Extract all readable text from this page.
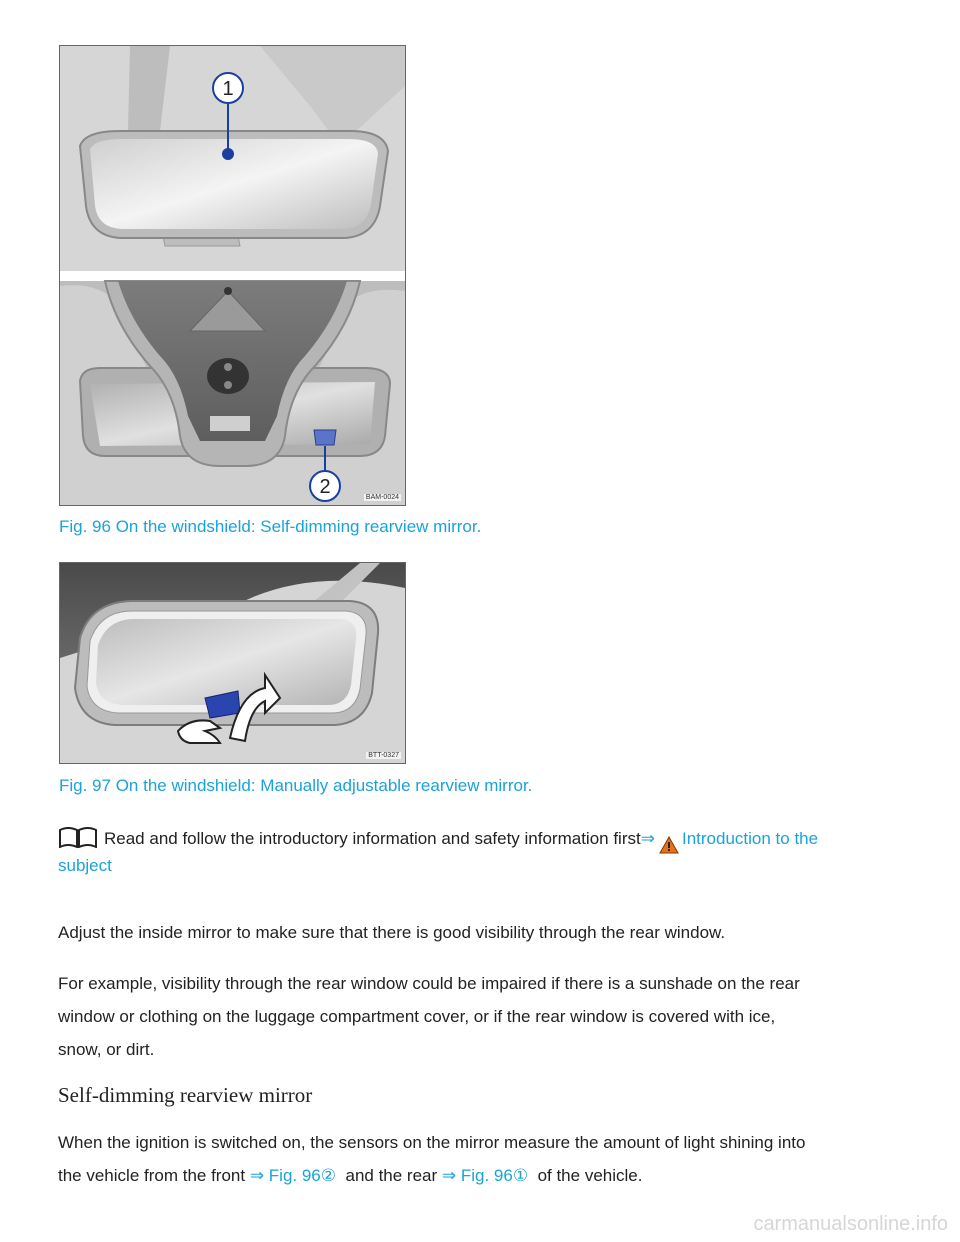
1
2	BAM-0024
Fig. 96 On the windshield: Self-dimming rearview mirror.
BTT-0327
Fig. 97 On the windshield: Manually adjustable rearview mirror.
Read and follow the introductory information and safety information first⇒ Introduction to the
subject
Adjust the inside mirror to make sure that there is good visibility through the rear window.
For example, visibility through the rear window could be impaired if there is a sunshade on the rear
window or clothing on the luggage compartment cover, or if the rear window is covered with ice,
snow, or dirt.
Self-dimming rearview mirror
When the ignition is switched on, the sensors on the mirror measure the amount of light shining into
the vehicle from the front ⇒ Fig. 96② and the rear ⇒ Fig. 96① of the vehicle.
carmanualsonline.info
